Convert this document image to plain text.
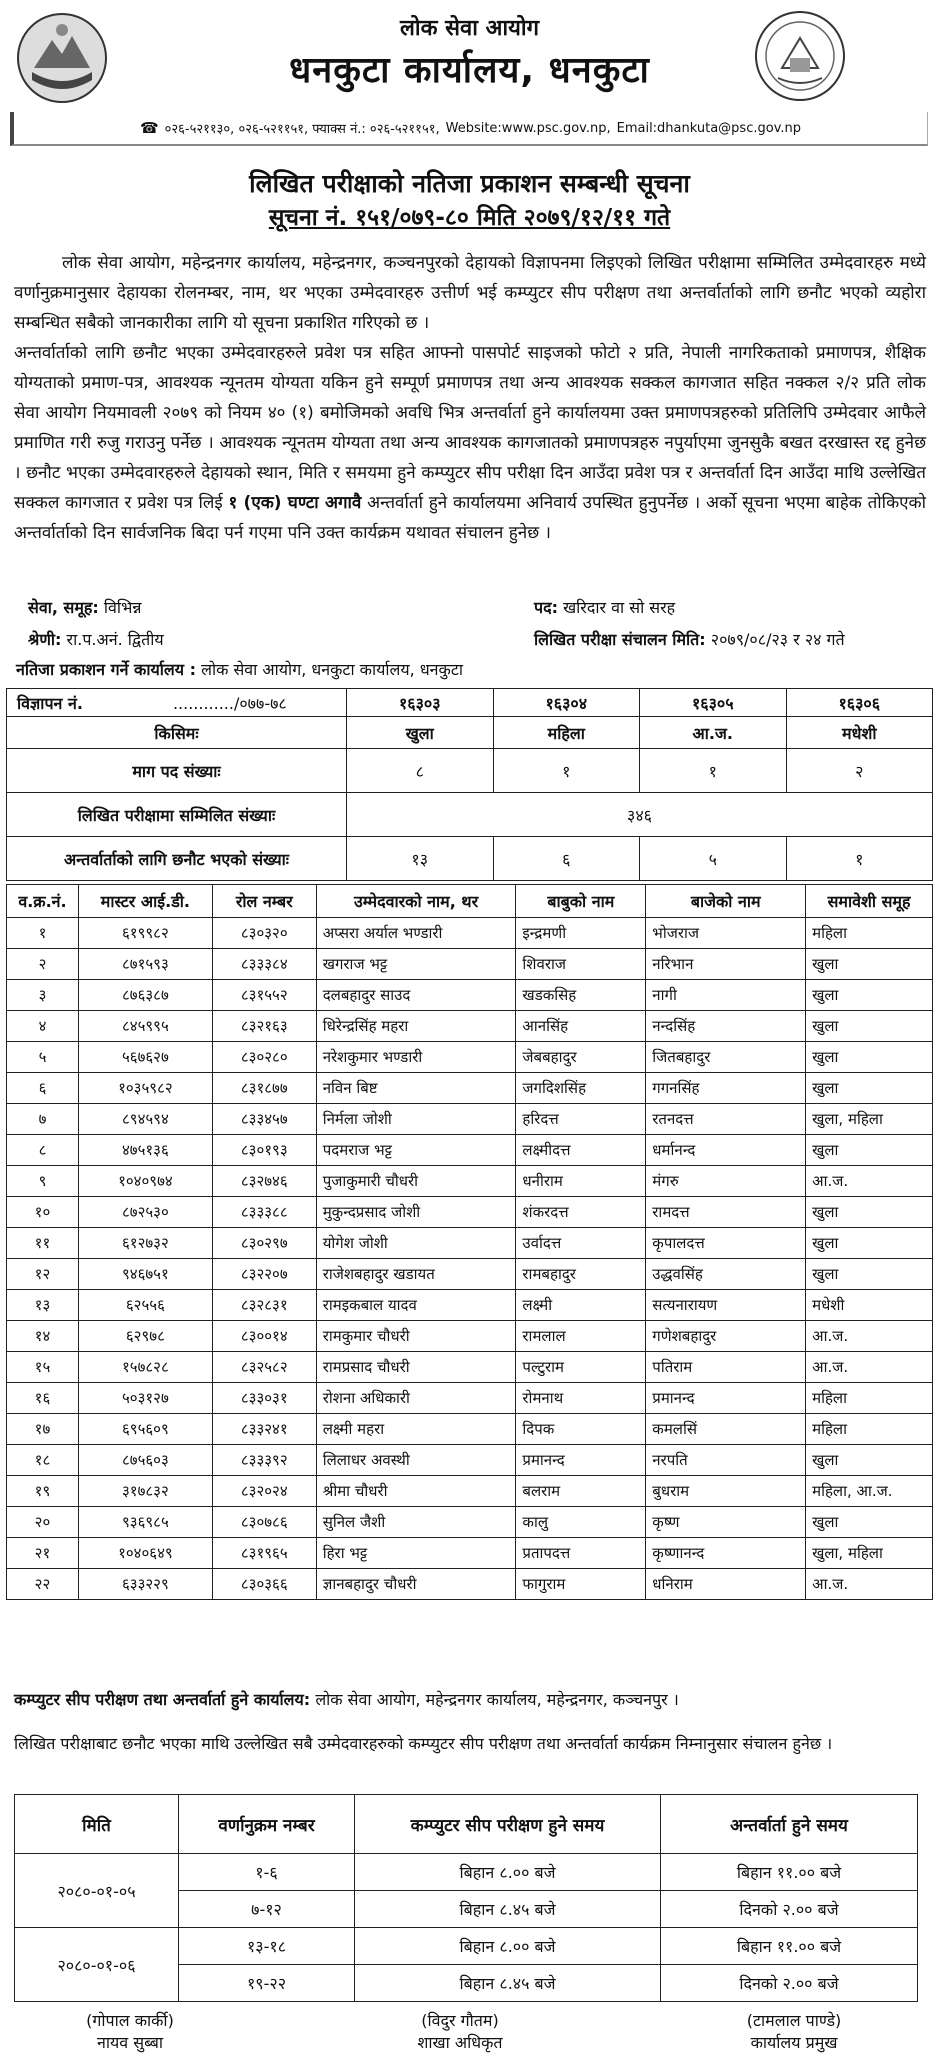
लोक सेवा आयोग
धनकुटा कार्यालय, धनकुटा
☎ ०२६-५२११३०, ०२६-५२११५१, फ्याक्स नं.: ०२६-५२११५१, Website:www.psc.gov.np, Email:dhankuta@psc.gov.np
लिखित परीक्षाको नतिजा प्रकाशन सम्बन्धी सूचना
सूचना नं. १५१/०७९-८० मिति २०७९/१२/११ गते
लोक सेवा आयोग, महेन्द्रनगर कार्यालय, महेन्द्रनगर, कञ्चनपुरको देहायको विज्ञापनमा लिइएको लिखित परीक्षामा सम्मिलित उम्मेदवारहरु मध्ये वर्णानुक्रमानुसार देहायका रोलनम्बर, नाम, थर भएका उम्मेदवारहरु उत्तीर्ण भई कम्प्युटर सीप परीक्षण तथा अन्तर्वार्ताको लागि छनौट भएको व्यहोरा सम्बन्धित सबैको जानकारीका लागि यो सूचना प्रकाशित गरिएको छ ।
अन्तर्वार्ताको लागि छनौट भएका उम्मेदवारहरुले प्रवेश पत्र सहित आफ्नो पासपोर्ट साइजको फोटो २ प्रति, नेपाली नागरिकताको प्रमाणपत्र, शैक्षिक योग्यताको प्रमाण-पत्र, आवश्यक न्यूनतम योग्यता यकिन हुने सम्पूर्ण प्रमाणपत्र तथा अन्य आवश्यक सक्कल कागजात सहित नक्कल २/२ प्रति लोक सेवा आयोग नियमावली २०७९ को नियम ४० (१) बमोजिमको अवधि भित्र अन्तर्वार्ता हुने कार्यालयमा उक्त प्रमाणपत्रहरुको प्रतिलिपि उम्मेदवार आफैले प्रमाणित गरी रुजु गराउनु पर्नेछ । आवश्यक न्यूनतम योग्यता तथा अन्य आवश्यक कागजातको प्रमाणपत्रहरु नपुर्याएमा जुनसुकै बखत दरखास्त रद्द हुनेछ । छनौट भएका उम्मेदवारहरुले देहायको स्थान, मिति र समयमा हुने कम्प्युटर सीप परीक्षा दिन आउँदा प्रवेश पत्र र अन्तर्वार्ता दिन आउँदा माथि उल्लेखित सक्कल कागजात र प्रवेश पत्र लिई १ (एक) घण्टा अगावै अन्तर्वार्ता हुने कार्यालयमा अनिवार्य उपस्थित हुनुपर्नेछ । अर्को सूचना भएमा बाहेक तोकिएको अन्तर्वार्ताको दिन सार्वजनिक बिदा पर्न गएमा पनि उक्त कार्यक्रम यथावत संचालन हुनेछ ।
सेवा, समूह: विभिन्न	पद: खरिदार वा सो सरह
श्रेणी: रा.प.अनं. द्वितीय	लिखित परीक्षा संचालन मिति: २०७९/०८/२३ र २४ गते
नतिजा प्रकाशन गर्ने कार्यालय : लोक सेवा आयोग, धनकुटा कार्यालय, धनकुटा
विज्ञापन नं. ............/०७७-७८	१६३०३	१६३०४	१६३०५	१६३०६
किसिमः	खुला	महिला	आ.ज.	मधेशी
माग पद संख्याः	८	१	१	२
लिखित परीक्षामा सम्मिलित संख्याः	३४६			
अन्तर्वार्ताको लागि छनौट भएको संख्याः	१३	६	५	१
व.क्र.नं.	मास्टर आई.डी.	रोल नम्बर	उम्मेदवारको नाम, थर	बाबुको नाम	बाजेको नाम	समावेशी समूह
१	६१९९८२	८३०३२०	अप्सरा अर्याल भण्डारी	इन्द्रमणी	भोजराज	महिला
२	८७१५९३	८३३३८४	खगराज भट्ट	शिवराज	नरिभान	खुला
३	८७६३८७	८३१५५२	दलबहादुर साउद	खडकसिह	नागी	खुला
४	८४५९९५	८३२१६३	धिरेन्द्रसिंह महरा	आनसिंह	नन्दसिंह	खुला
५	५६७६२७	८३०२८०	नरेशकुमार भण्डारी	जेबबहादुर	जितबहादुर	खुला
६	१०३५९८२	८३१८७७	नविन बिष्ट	जगदिशसिंह	गगनसिंह	खुला
७	८९४५९४	८३३४५७	निर्मला जोशी	हरिदत्त	रतनदत्त	खुला, महिला
८	४७५१३६	८३०१९३	पदमराज भट्ट	लक्ष्मीदत्त	धर्मानन्द	खुला
९	१०४०९७४	८३२७४६	पुजाकुमारी चौधरी	धनीराम	मंगरु	आ.ज.
१०	८७२५३०	८३३३८८	मुकुन्दप्रसाद जोशी	शंकरदत्त	रामदत्त	खुला
११	६१२७३२	८३०२९७	योगेश जोशी	उर्वादत्त	कृपालदत्त	खुला
१२	९४६७५१	८३२२०७	राजेशबहादुर खडायत	रामबहादुर	उद्धवसिंह	खुला
१३	६२५५६	८३२८३१	रामइकबाल यादव	लक्ष्मी	सत्यनारायण	मधेशी
१४	६२९७८	८३००१४	रामकुमार चौधरी	रामलाल	गणेशबहादुर	आ.ज.
१५	१५७८२८	८३२५८२	रामप्रसाद चौधरी	पल्टुराम	पतिराम	आ.ज.
१६	५०३१२७	८३३०३१	रोशना अधिकारी	रोमनाथ	प्रमानन्द	महिला
१७	६९५६०९	८३३२४१	लक्ष्मी महरा	दिपक	कमलसिं	महिला
१८	८७५६०३	८३३३९२	लिलाधर अवस्थी	प्रमानन्द	नरपति	खुला
१९	३१७८३२	८३२०२४	श्रीमा चौधरी	बलराम	बुधराम	महिला, आ.ज.
२०	९३६९८५	८३०७८६	सुनिल जैशी	कालु	कृष्ण	खुला
२१	१०४०६४९	८३१९६५	हिरा भट्ट	प्रतापदत्त	कृष्णानन्द	खुला, महिला
२२	६३३२२९	८३०३६६	ज्ञानबहादुर चौधरी	फागुराम	धनिराम	आ.ज.
कम्प्युटर सीप परीक्षण तथा अन्तर्वार्ता हुने कार्यालय: लोक सेवा आयोग, महेन्द्रनगर कार्यालय, महेन्द्रनगर, कञ्चनपुर ।
लिखित परीक्षाबाट छनौट भएका माथि उल्लेखित सबै उम्मेदवारहरुको कम्प्युटर सीप परीक्षण तथा अन्तर्वार्ता कार्यक्रम निम्नानुसार संचालन हुनेछ ।
मिति	वर्णानुक्रम नम्बर	कम्प्युटर सीप परीक्षण हुने समय	अन्तर्वार्ता हुने समय
२०८०-०१-०५	१-६	बिहान ८.०० बजे	बिहान ११.०० बजे
	७-१२	बिहान ८.४५ बजे	दिनको २.०० बजे
२०८०-०१-०६	१३-१८	बिहान ८.०० बजे	बिहान ११.०० बजे
	१९-२२	बिहान ८.४५ बजे	दिनको २.०० बजे
(गोपाल कार्की)
नायव सुब्बा
(विदुर गौतम)
शाखा अधिकृत
(टामलाल पाण्डे)
कार्यालय प्रमुख
